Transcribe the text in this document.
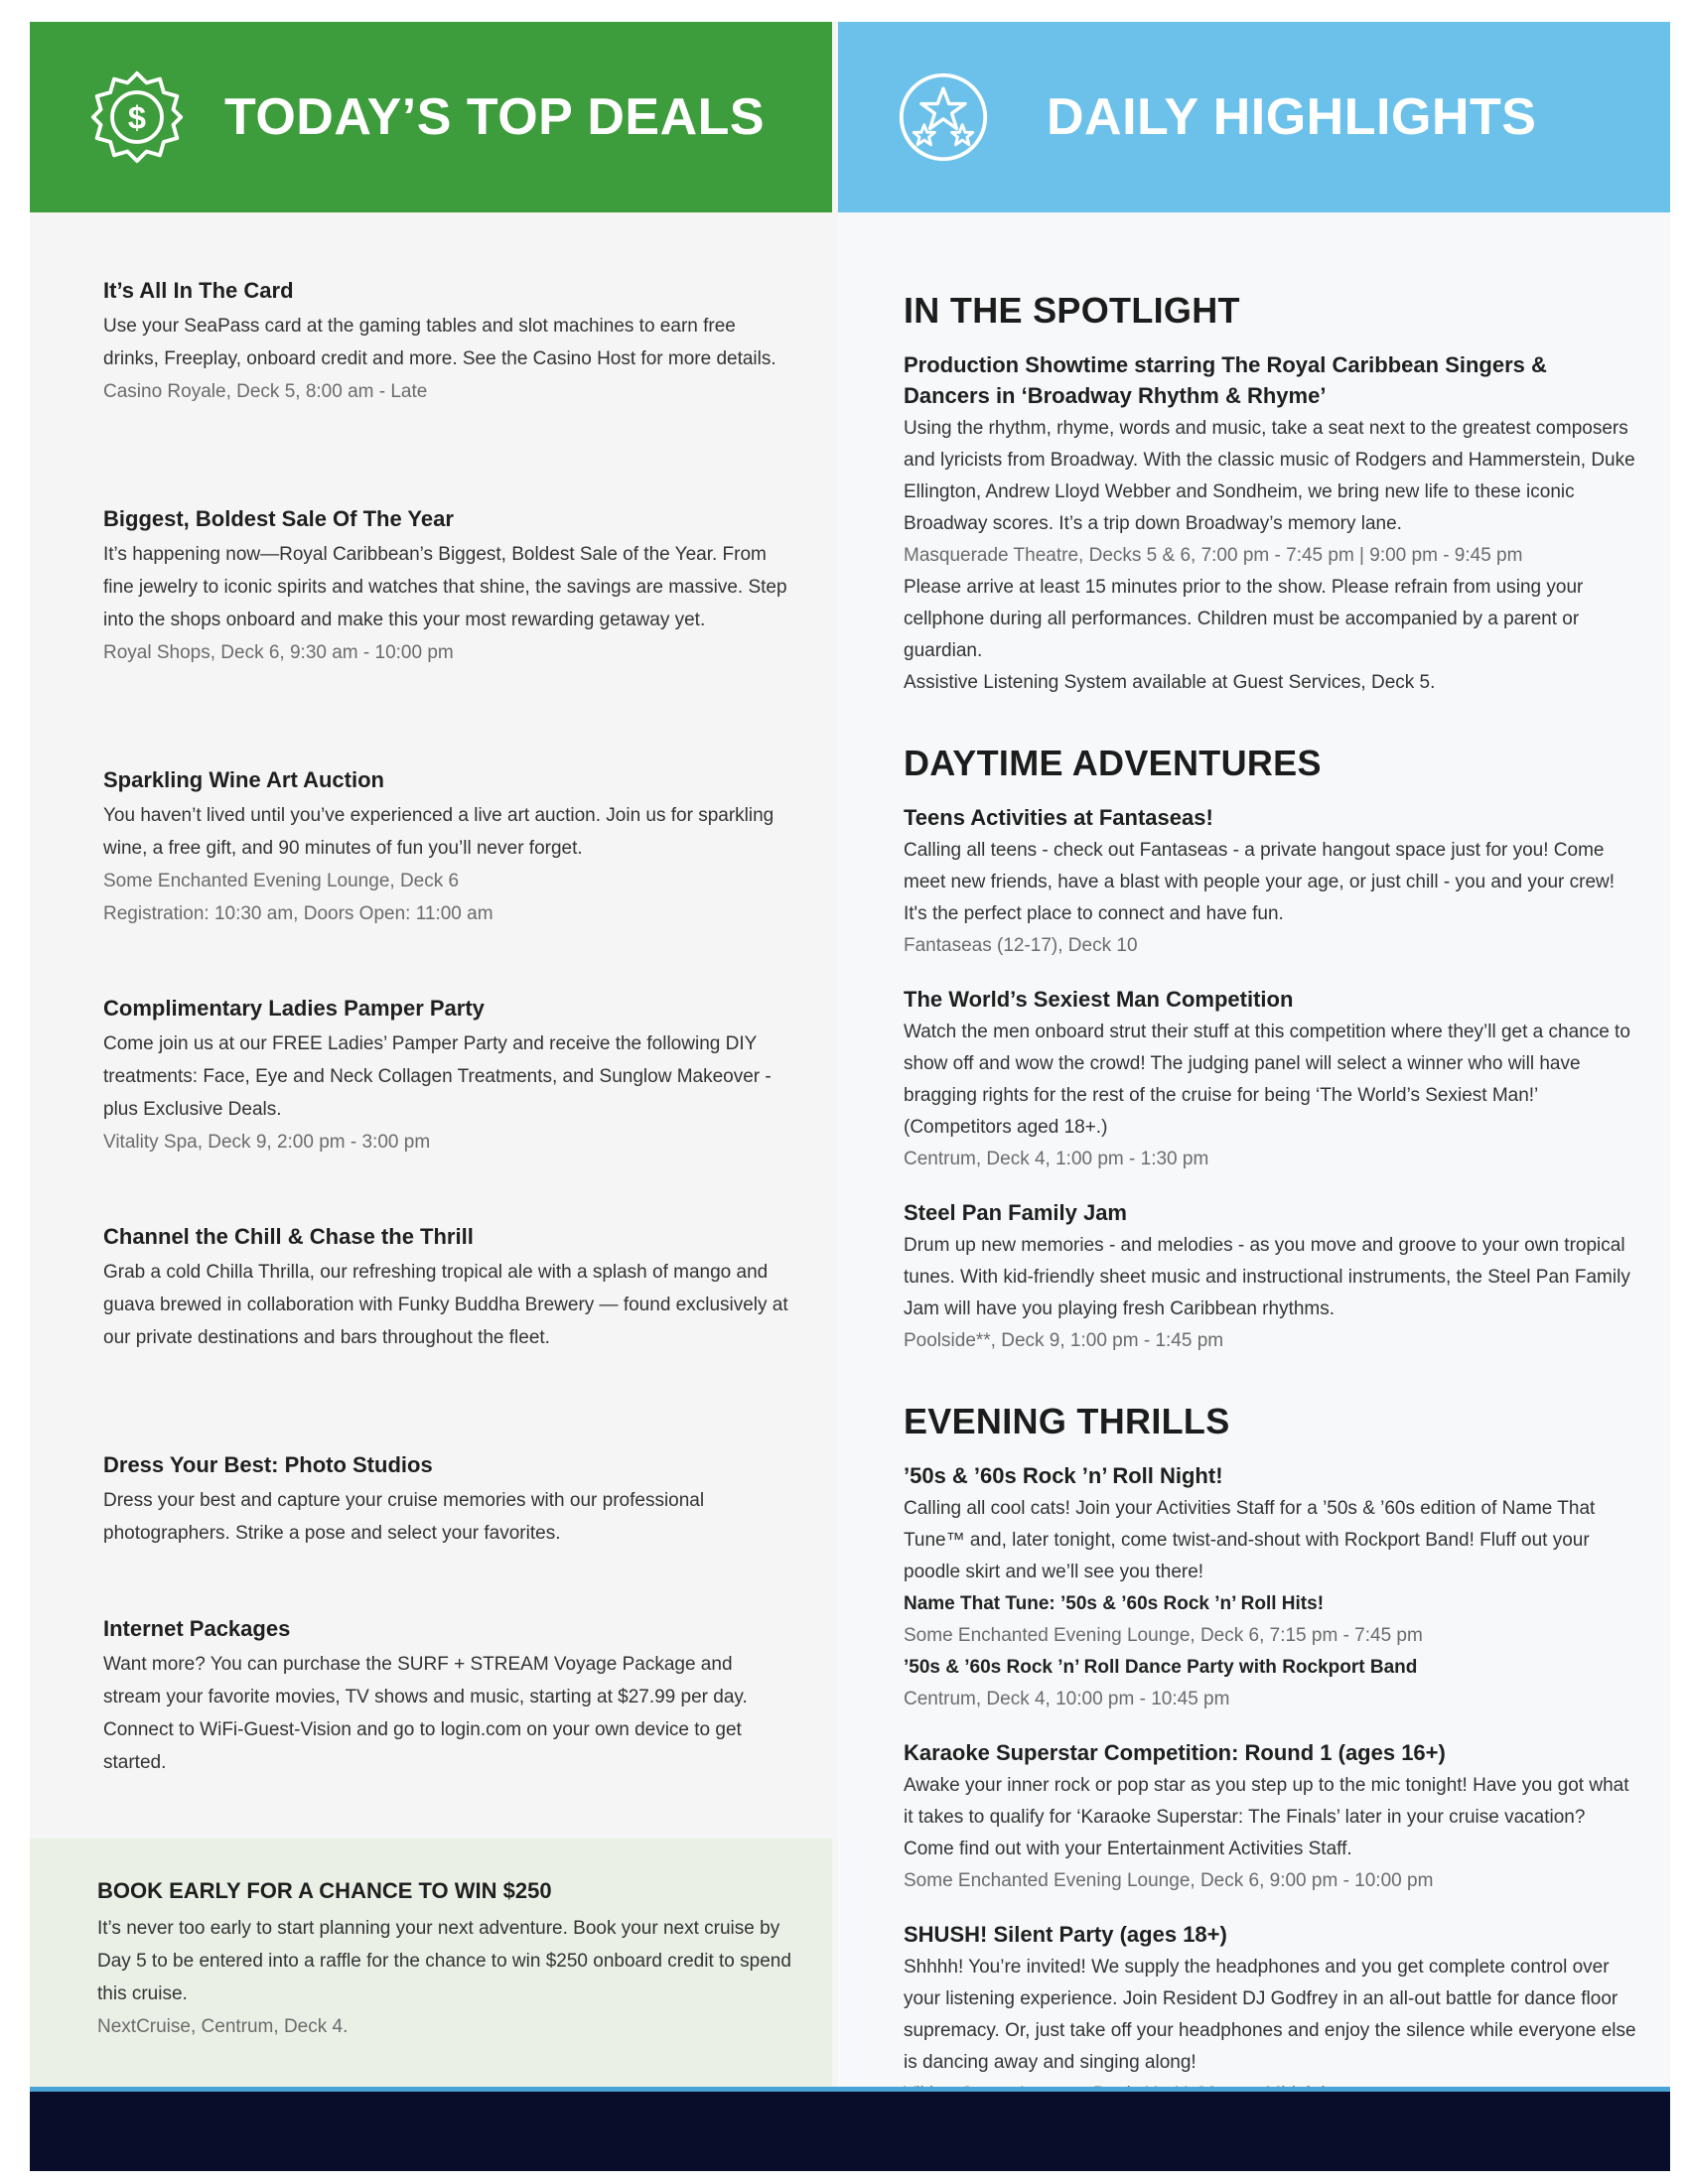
$ TODAY’S TOP DEALS	DAILY HIGHLIGHTS
It’s All In The Card

Use your SeaPass card at the gaming tables and slot machines to earn free drinks, Freeplay, onboard credit and more. See the Casino Host for more details.

Casino Royale, Deck 5, 8:00 am - Late
Biggest, Boldest Sale Of The Year

It’s happening now—Royal Caribbean’s Biggest, Boldest Sale of the Year. From fine jewelry to iconic spirits and watches that shine, the savings are massive. Step into the shops onboard and make this your most rewarding getaway yet.

Royal Shops, Deck 6, 9:30 am - 10:00 pm
Sparkling Wine Art Auction

You haven’t lived until you’ve experienced a live art auction. Join us for sparkling wine, a free gift, and 90 minutes of fun you’ll never forget.

Some Enchanted Evening Lounge, Deck 6
Registration: 10:30 am, Doors Open: 11:00 am
Complimentary Ladies Pamper Party

Come join us at our FREE Ladies’ Pamper Party and receive the following DIY treatments: Face, Eye and Neck Collagen Treatments, and Sunglow Makeover - plus Exclusive Deals.

Vitality Spa, Deck 9, 2:00 pm - 3:00 pm
Channel the Chill & Chase the Thrill

Grab a cold Chilla Thrilla, our refreshing tropical ale with a splash of mango and guava brewed in collaboration with Funky Buddha Brewery — found exclusively at our private destinations and bars throughout the fleet.

Dress Your Best: Photo Studios

Dress your best and capture your cruise memories with our professional photographers. Strike a pose and select your favorites.

Internet Packages

Want more? You can purchase the SURF + STREAM Voyage Package and stream your favorite movies, TV shows and music, starting at $27.99 per day. Connect to WiFi-Guest-Vision and go to login.com on your own device to get started.

BOOK EARLY FOR A CHANCE TO WIN $250

It’s never too early to start planning your next adventure. Book your next cruise by Day 5 to be entered into a raffle for the chance to win $250 onboard credit to spend this cruise.

NextCruise, Centrum, Deck 4.
IN THE SPOTLIGHT
Production Showtime starring The Royal Caribbean Singers & Dancers in ‘Broadway Rhythm & Rhyme’

Using the rhythm, rhyme, words and music, take a seat next to the greatest composers and lyricists from Broadway. With the classic music of Rodgers and Hammerstein, Duke Ellington, Andrew Lloyd Webber and Sondheim, we bring new life to these iconic Broadway scores. It’s a trip down Broadway’s memory lane.

Masquerade Theatre, Decks 5 & 6, 7:00 pm - 7:45 pm | 9:00 pm - 9:45 pm

Please arrive at least 15 minutes prior to the show. Please refrain from using your cellphone during all performances. Children must be accompanied by a parent or guardian.

Assistive Listening System available at Guest Services, Deck 5.

DAYTIME ADVENTURES
Teens Activities at Fantaseas!

Calling all teens - check out Fantaseas - a private hangout space just for you! Come meet new friends, have a blast with people your age, or just chill - you and your crew! It's the perfect place to connect and have fun.

Fantaseas (12-17), Deck 10

The World’s Sexiest Man Competition

Watch the men onboard strut their stuff at this competition where they’ll get a chance to show off and wow the crowd! The judging panel will select a winner who will have bragging rights for the rest of the cruise for being ‘The World’s Sexiest Man!’ (Competitors aged 18+.)

Centrum, Deck 4, 1:00 pm - 1:30 pm

Steel Pan Family Jam

Drum up new memories - and melodies - as you move and groove to your own tropical tunes. With kid-friendly sheet music and instructional instruments, the Steel Pan Family Jam will have you playing fresh Caribbean rhythms.

Poolside**, Deck 9, 1:00 pm - 1:45 pm

EVENING THRILLS
’50s & ’60s Rock ’n’ Roll Night!

Calling all cool cats! Join your Activities Staff for a ’50s & ’60s edition of Name That Tune™ and, later tonight, come twist-and-shout with Rockport Band! Fluff out your poodle skirt and we’ll see you there!

Name That Tune: ’50s & ’60s Rock ’n’ Roll Hits!

Some Enchanted Evening Lounge, Deck 6, 7:15 pm - 7:45 pm

’50s & ’60s Rock ’n’ Roll Dance Party with Rockport Band

Centrum, Deck 4, 10:00 pm - 10:45 pm

Karaoke Superstar Competition: Round 1 (ages 16+)

Awake your inner rock or pop star as you step up to the mic tonight! Have you got what it takes to qualify for ‘Karaoke Superstar: The Finals’ later in your cruise vacation? Come find out with your Entertainment Activities Staff.

Some Enchanted Evening Lounge, Deck 6, 9:00 pm - 10:00 pm

SHUSH! Silent Party (ages 18+)

Shhhh! You’re invited! We supply the headphones and you get complete control over your listening experience. Join Resident DJ Godfrey in an all-out battle for dance floor supremacy. Or, just take off your headphones and enjoy the silence while everyone else is dancing away and singing along!
